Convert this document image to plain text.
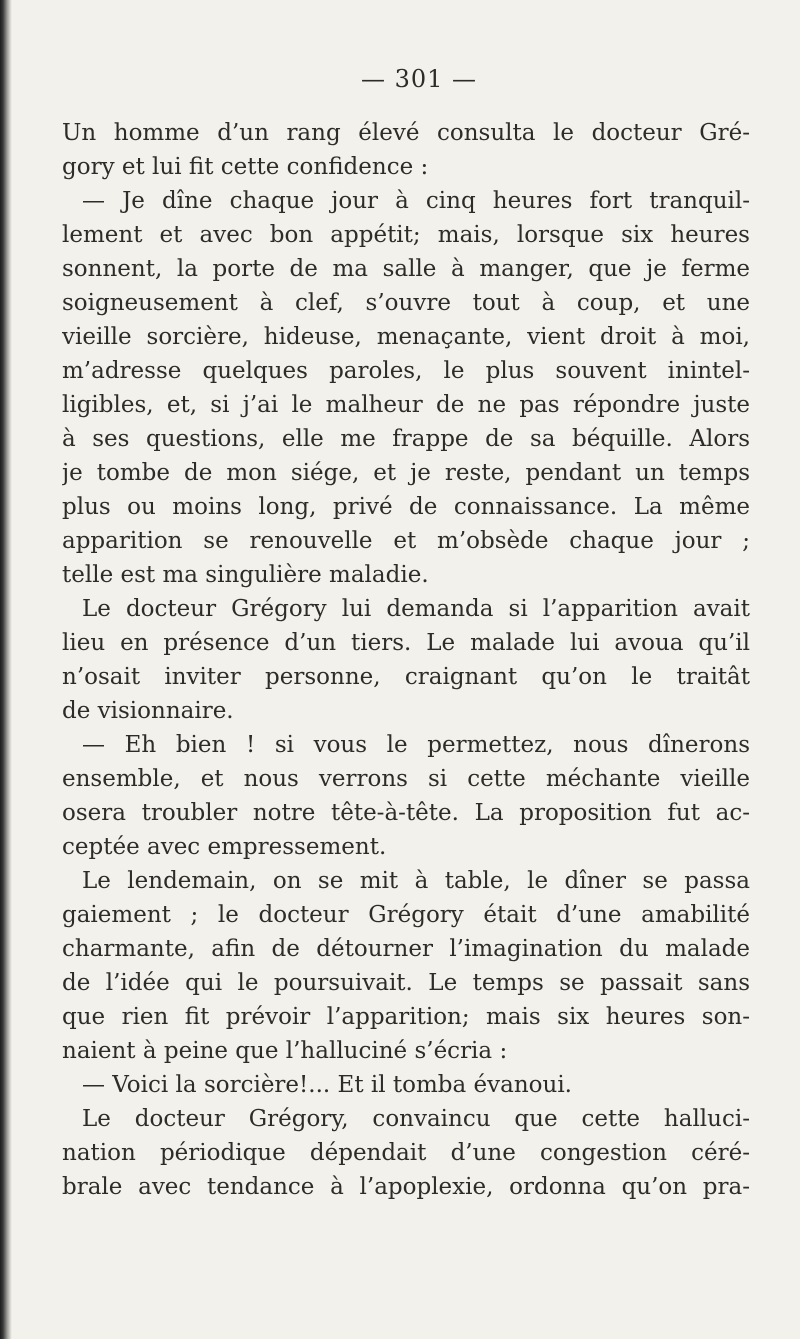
— 301 —
Un homme d’un rang élevé consulta le docteur Gré-
gory et lui fit cette confidence :
— Je dîne chaque jour à cinq heures fort tranquil-
lement et avec bon appétit; mais, lorsque six heures
sonnent, la porte de ma salle à manger, que je ferme
soigneusement à clef, s’ouvre tout à coup, et une
vieille sorcière, hideuse, menaçante, vient droit à moi,
m’adresse quelques paroles, le plus souvent inintel-
ligibles, et, si j’ai le malheur de ne pas répondre juste
à ses questions, elle me frappe de sa béquille. Alors
je tombe de mon siége, et je reste, pendant un temps
plus ou moins long, privé de connaissance. La même
apparition se renouvelle et m’obsède chaque jour ;
telle est ma singulière maladie.
Le docteur Grégory lui demanda si l’apparition avait
lieu en présence d’un tiers. Le malade lui avoua qu’il
n’osait inviter personne, craignant qu’on le traitât
de visionnaire.
— Eh bien ! si vous le permettez, nous dînerons
ensemble, et nous verrons si cette méchante vieille
osera troubler notre tête-à-tête. La proposition fut ac-
ceptée avec empressement.
Le lendemain, on se mit à table, le dîner se passa
gaiement ; le docteur Grégory était d’une amabilité
charmante, afin de détourner l’imagination du malade
de l’idée qui le poursuivait. Le temps se passait sans
que rien fit prévoir l’apparition; mais six heures son-
naient à peine que l’halluciné s’écria :
— Voici la sorcière!... Et il tomba évanoui.
Le docteur Grégory, convaincu que cette halluci-
nation périodique dépendait d’une congestion céré-
brale avec tendance à l’apoplexie, ordonna qu’on pra-
